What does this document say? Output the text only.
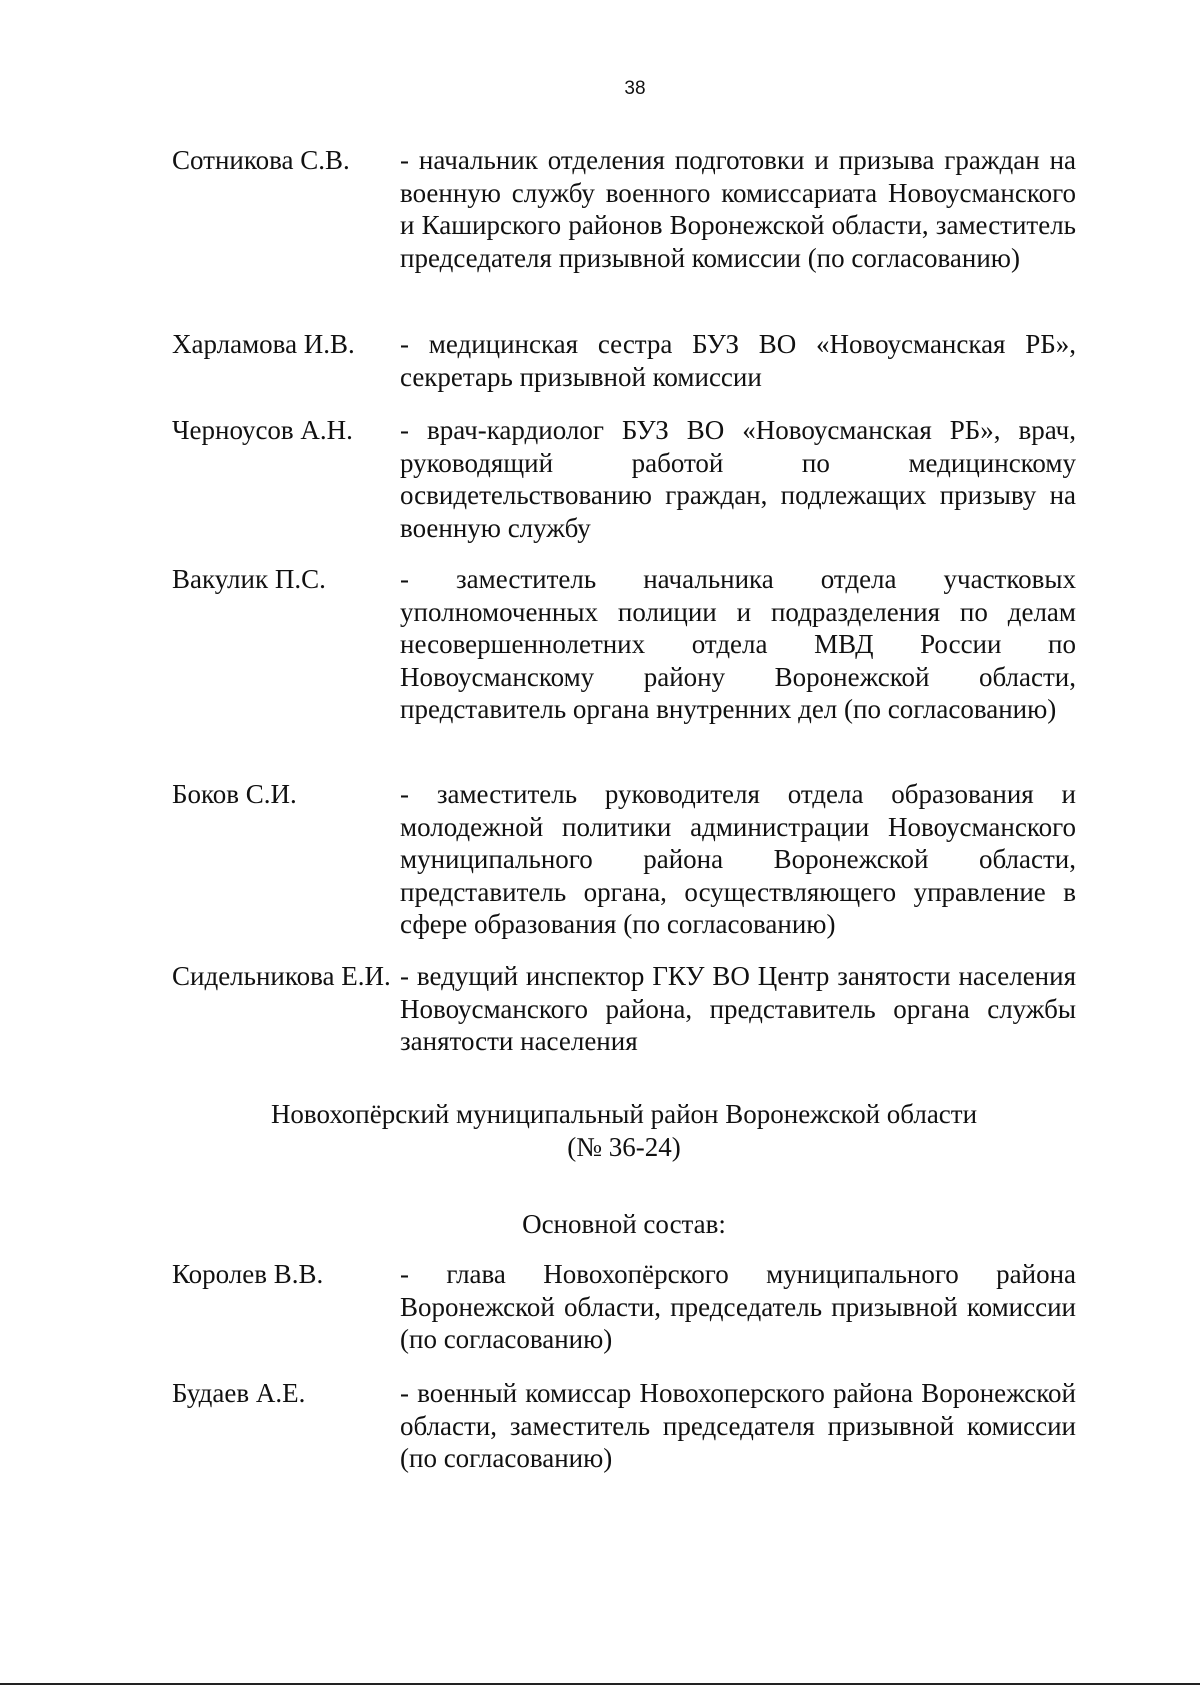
38
Сотникова С.В.	- начальник отделения подготовки и призыва граждан на военную службу военного комиссариата Новоусманского и Каширского районов Воронежской области, заместитель председателя призывной комиссии (по согласованию)
Харламова И.В.	- медицинская сестра БУЗ ВО «Новоусманская РБ», секретарь призывной комиссии
Черноусов А.Н.	- врач-кардиолог БУЗ ВО «Новоусманская РБ», врач, руководящий работой по медицинскому освидетельствованию граждан, подлежащих призыву на военную службу
Вакулик П.С.	- заместитель начальника отдела участковых уполномоченных полиции и подразделения по делам несовершеннолетних отдела МВД России по Новоусманскому району Воронежской области, представитель органа внутренних дел (по согласованию)
Боков С.И.	- заместитель руководителя отдела образования и молодежной политики администрации Новоусманского муниципального района Воронежской области, представитель органа, осуществляющего управление в сфере образования (по согласованию)
Сидельникова Е.И. - ведущий инспектор ГКУ ВО Центр занятости населения Новоусманского района, представитель органа службы занятости населения
Новохопёрский муниципальный район Воронежской области
(№ 36-24)
Основной состав:
Королев В.В.	- глава Новохопёрского муниципального района Воронежской области, председатель призывной комиссии (по согласованию)
Будаев А.Е.	- военный комиссар Новохоперского района Воронежской области, заместитель председателя призывной комиссии (по согласованию)
